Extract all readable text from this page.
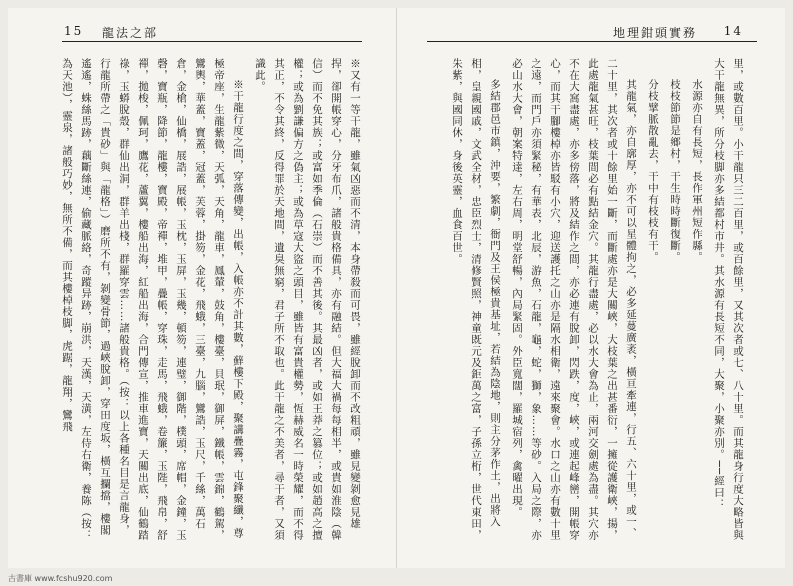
15 龍法之部

※又有一等干龍，雖氣凶惡而不清，本身帶殺而可畏，雖經脫卸而不改粗頑，雖見變剝愈見雄捍，卻開帳穿心，分牙布爪，諸般貴格備具，亦有融結。但大福大禍每每相半，或貴如淮陰（韓信）而不免其族；或富如季倫（石崇）而不善其後。其最凶者，或如王莽之篡位；或如趙高之擅權；或為劉謙偏方之偽主；或為草寇大盜之頭目，雖皆有富貴權勢，恆赫威名一時榮耀，而不得其正，不令其終，反得罪於天地間，遺臭無窮，君子所不取也。此干龍之不美者，尋干者，又須識此。

※干龍行度之間，穿落傳變，出帳，入帳亦不計其數，蘚樓下殿，聚講疊霧，屯鋒聚纖，尊極帝座，生龍紫微，天弧，天角，龍車，鳳輦，鼓角，樓臺，貝珉，御屏，鐵帳，雲錦，鶴駕，鸞輿，華蓋，寶蓋，冠蓋，芙蓉，掛笏，金花，飛蛾，三臺，九腦，鸞誥，玉尺，千絲，萬石倉，金槍，仙橋，展誥，展帳，玉枕，玉屏，玉幾，頓笏，連璧，御階，樸頭，席帽，金鐘，玉磬，寶瓶，降節，龍樓，寶殿，帝禪，堆甲，疊帳，穿珠，走馬，飛蛾，卷簾，玉陛，飛帛，舒禪，拋梭，佩珂，鷹花，蘆翼，樓船出海，紅船出海，合門傳宣，推車進寶，天關出底，仙鶴踏祿，玉蟒脫殼，群仙出洞，群羊出棧，群羅穿雲……諸般貴格。（按：以上各種名目是言龍身，行龍所帶之「貴砂」與「龍格」）磨所不有，剝變骨節，過峽脫卸，穿田度坂，橫互攔擋，樓閣遙遙，蛛絲馬跡，藕斷絲連，偷藏脈絡，奇蹤异跡，崩洪，天漢，天潢，左侍右衛，養陈（按：為天池），靈泉，諸般巧妙，無所不備，而其樓棹枝脚，虎踞，龍翔，鸞飛

地理鉗頭實務 14

里，或數百里。小干龍只三二百里，或百餘里，又其次者或七、八十里。而其龍身行度大略皆與大干龍無異，所分枝脚亦多結都村市井。其水源有長短不同，大聚，小聚亦別。──經曰：

水源亦自有長短，長作軍州短作縣。

枝枝節節是鄉村，干生時時斷復斷。

分枝擘脈散亂去，干中有枝枝有干。

其龍氣，亦自廓厚，亦不可以星體拘之，必多延蔓廣袤，橫亘牽連，行五、六十里，或一、二十里，其次者或十餘里始一斷，而斷處亦是大關峽，大枝葉之出甚番衍，一擁從護衛峽，揚，此處龍氣甚旺，枝葉間必有點結金穴。其龍行盡處，必以水大會為止，兩河交劍處為盡。其穴亦不在大窩盡處，亦多傍落，將及結作之間，亦必連有脫卸，閃跌，度，峽，或連起峰巒，開帳穿心，而其干腳樓棹亦皆駁有小穴，迎送護托之山亦是隔水相衛，遠來聚會。水口之山亦有數十里之遠，而門戶亦須緊秘，有華表，北辰，游魚，石龍，龜，蛇，獅，象……等砂。入局之際，亦必山水大會，朝案特達，左右周，明堂舒暢，內局緊固。外臣寬闊，羅城宿列，禽曜出現。

多結郡邑市鎮，沖要，繁劇，衙門及王侯極貴基址，若結為陰地，則主分茅作土，出將入相，皇親國戚，文武全材，忠臣烈士，清修賢照，神童既元及鉅萬之富，子孫立桁，世代東田，朱紫，與國同休，身後英靈，血食百世。

古書庫 www.fcshu920.com
